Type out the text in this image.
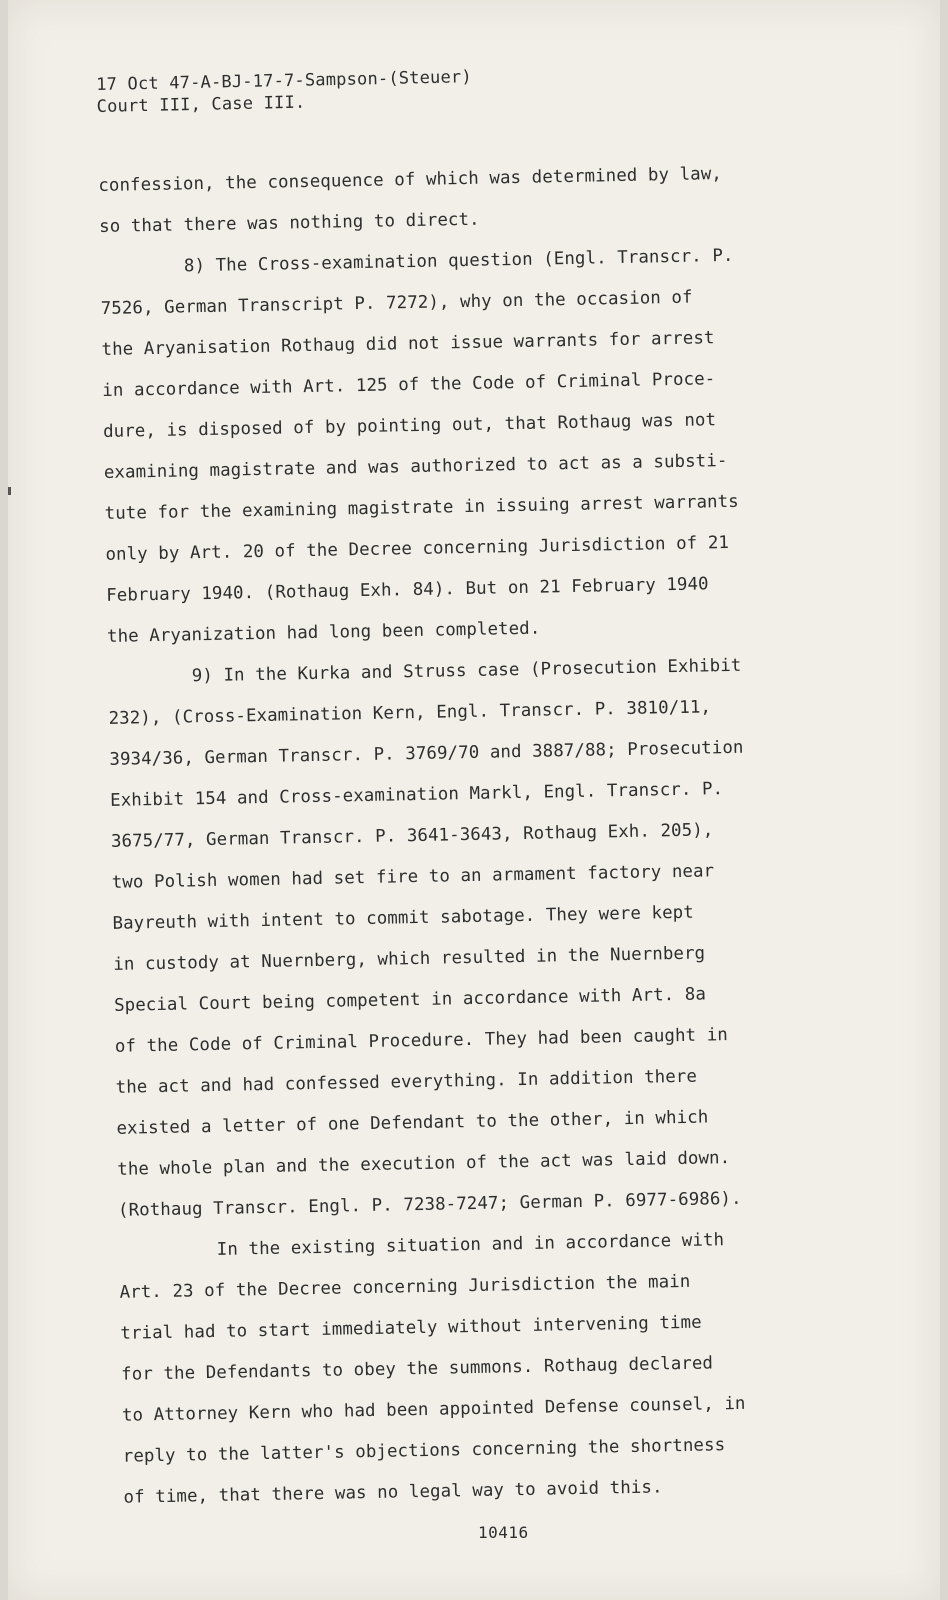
17 Oct 47-A-BJ-17-7-Sampson-(Steuer)
Court III, Case III.
confession, the consequence of which was determined by law,
so that there was nothing to direct.
8) The Cross-examination question (Engl. Transcr. P.
7526, German Transcript P. 7272), why on the occasion of
the Aryanisation Rothaug did not issue warrants for arrest
in accordance with Art. 125 of the Code of Criminal Proce-
dure, is disposed of by pointing out, that Rothaug was not
examining magistrate and was authorized to act as a substi-
tute for the examining magistrate in issuing arrest warrants
only by Art. 20 of the Decree concerning Jurisdiction of 21
February 1940. (Rothaug Exh. 84). But on 21 February 1940
the Aryanization had long been completed.
9) In the Kurka and Struss case (Prosecution Exhibit
232), (Cross-Examination Kern, Engl. Transcr. P. 3810/11,
3934/36, German Transcr. P. 3769/70 and 3887/88; Prosecution
Exhibit 154 and Cross-examination Markl, Engl. Transcr. P.
3675/77, German Transcr. P. 3641-3643, Rothaug Exh. 205),
two Polish women had set fire to an armament factory near
Bayreuth with intent to commit sabotage. They were kept
in custody at Nuernberg, which resulted in the Nuernberg
Special Court being competent in accordance with Art. 8a
of the Code of Criminal Procedure. They had been caught in
the act and had confessed everything. In addition there
existed a letter of one Defendant to the other, in which
the whole plan and the execution of the act was laid down.
(Rothaug Transcr. Engl. P. 7238-7247; German P. 6977-6986).
In the existing situation and in accordance with
Art. 23 of the Decree concerning Jurisdiction the main
trial had to start immediately without intervening time
for the Defendants to obey the summons. Rothaug declared
to Attorney Kern who had been appointed Defense counsel, in
reply to the latter's objections concerning the shortness
of time, that there was no legal way to avoid this.
10416
